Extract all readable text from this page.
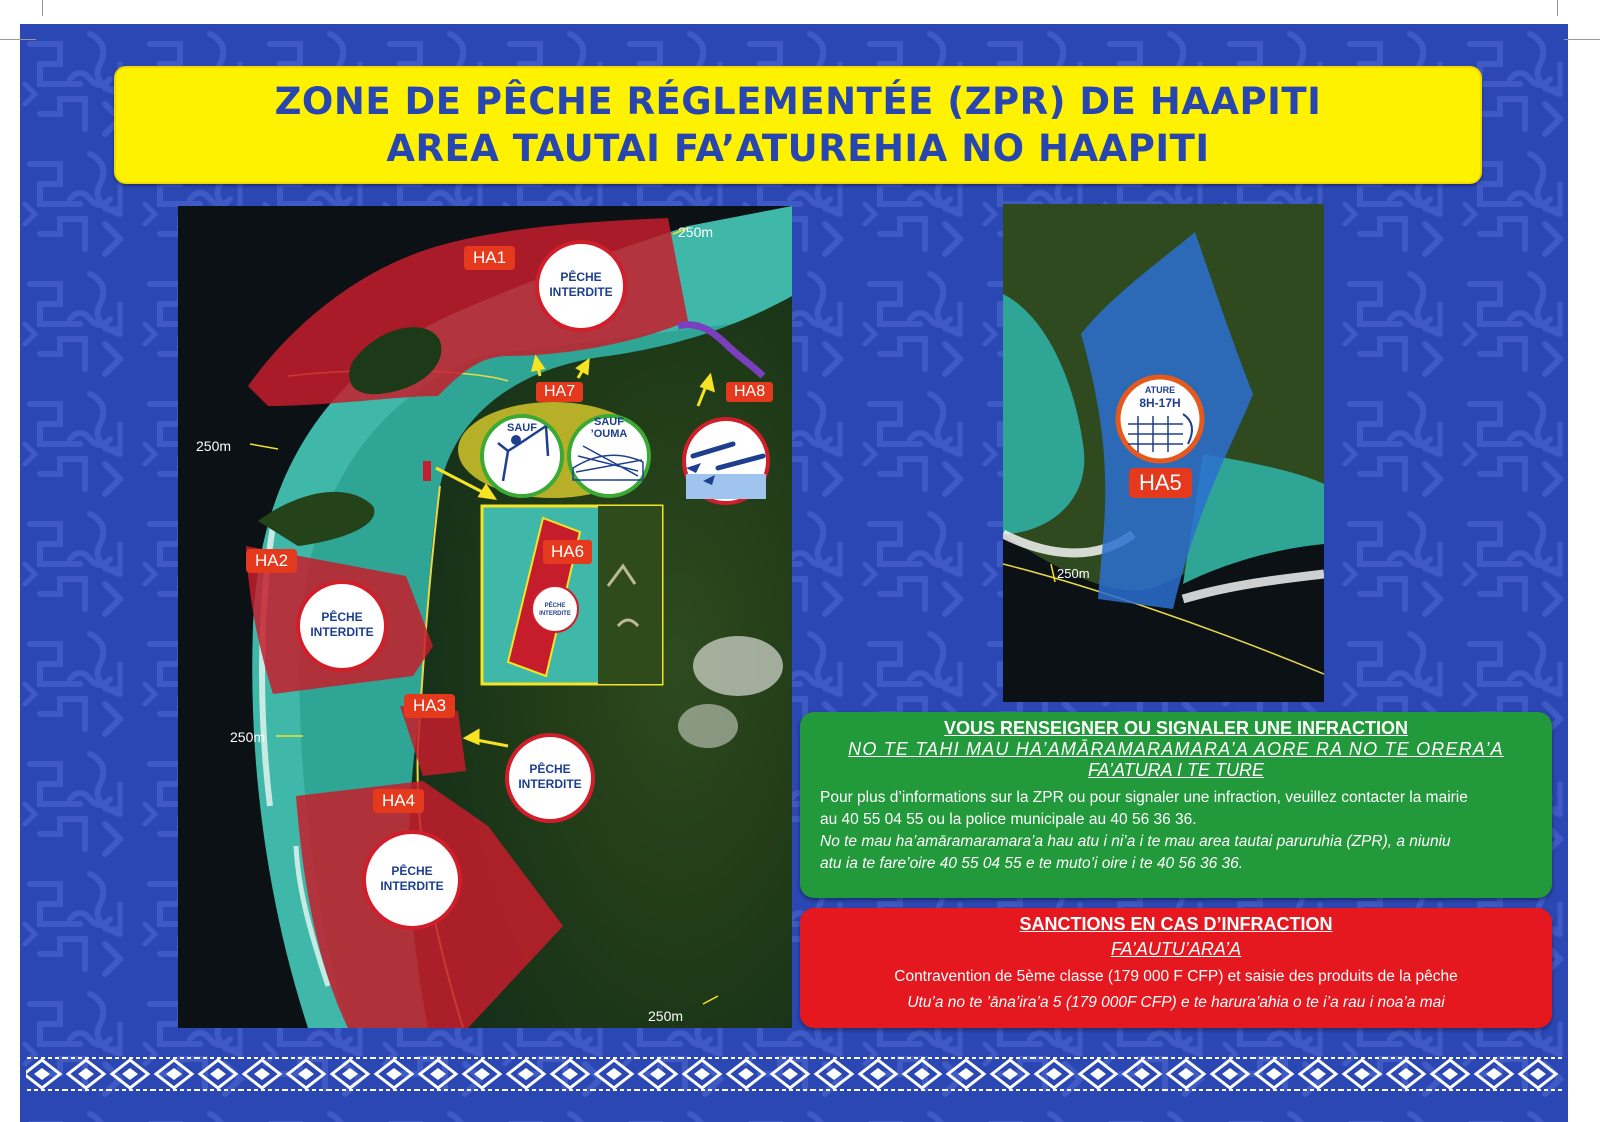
ZONE DE PÊCHE RÉGLEMENTÉE (ZPR) DE HAAPITI
AREA TAUTAI FA’ATUREHIA NO HAAPITI
HA1
HA2
HA3
HA4
HA6
HA7	HA8
250m
250m
250m
250m
PÊCHE
INTERDITE
PÊCHE
INTERDITE
PÊCHE
INTERDITE
PÊCHE
INTERDITE
PÊCHE
INTERDITE
SAUF	SAUF
’OUMA
ATURE
8H-17H
HA5
250m
VOUS RENSEIGNER OU SIGNALER UNE INFRACTION
NO TE TAHI MAU HA’AMĀRAMARAMARA’A AORE RA NO TE ORERA’A
FA’ATURA I TE TURE

Pour plus d’informations sur la ZPR ou pour signaler une infraction, veuillez contacter la mairie

au 40 55 04 55 ou la police municipale au 40 56 36 36.

No te mau ha’amāramaramara’a hau atu i ni’a i te mau area tautai paruruhia (ZPR), a niuniu

atu ia te fare’oire 40 55 04 55 e te muto’i oire i te 40 56 36 36.

SANCTIONS EN CAS D’INFRACTION
FA’AUTU’ARA’A

Contravention de 5ème classe (179 000 F CFP) et saisie des produits de la pêche

Utu’a no te ’āna’ira’a 5 (179 000F CFP) e te harura’ahia o te i’a rau i noa’a mai
